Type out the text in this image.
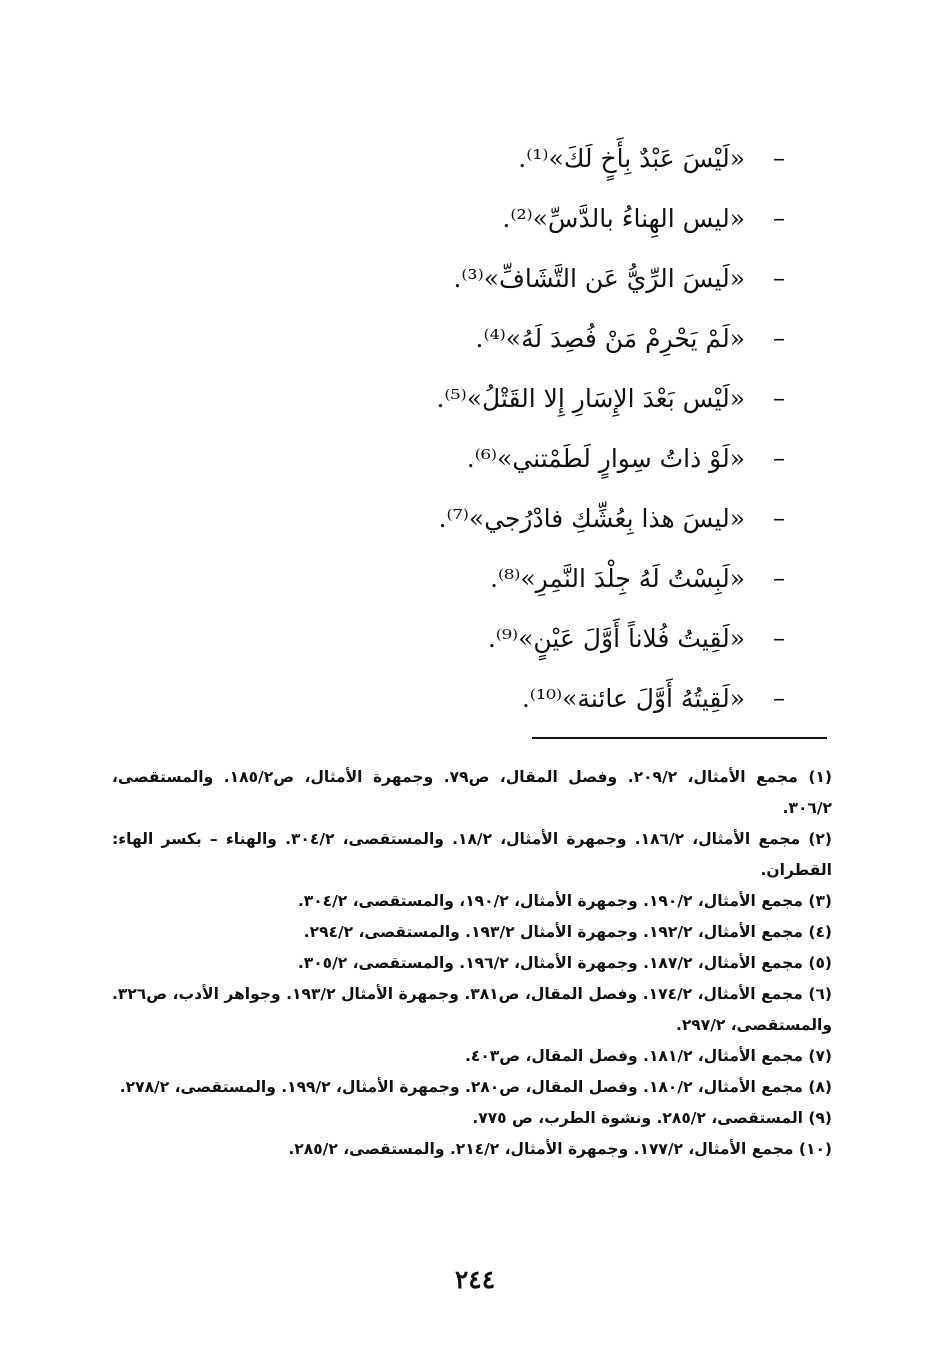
–
«لَيْسَ عَبْدٌ بِأَخٍ لَكَ»⁽¹⁾.
–
«ليس الهِناءُ بالدَّسِّ»⁽²⁾.
–
«لَيسَ الرِّيُّ عَن التَّشَافِّ»⁽³⁾.
–
«لَمْ يَحْرِمْ مَنْ فُصِدَ لَهُ»⁽⁴⁾.
–
«لَيْس بَعْدَ الإِسَارِ إِلا القَتْلُ»⁽⁵⁾.
–
«لَوْ ذاتُ سِوارٍ لَطَمْتني»⁽⁶⁾.
–
«ليسَ هذا بِعُشِّكِ فادْرُجي»⁽⁷⁾.
–
«لَبِسْتُ لَهُ جِلْدَ النَّمِرِ»⁽⁸⁾.
–
«لَقِيتُ فُلاناً أَوَّلَ عَيْنٍ»⁽⁹⁾.
–
«لَقِيتُهُ أَوَّلَ عائنة»⁽¹⁰⁾.
(١) مجمع الأمثال، ٢٠٩/٢. وفصل المقال، ص٧٩. وجمهرة الأمثال، ص١٨٥/٢. والمستقصى، ٣٠٦/٢.
(٢) مجمع الأمثال، ١٨٦/٢. وجمهرة الأمثال، ١٨/٢. والمستقصى، ٣٠٤/٢. والهناء – بكسر الهاء: القطران.
(٣) مجمع الأمثال، ١٩٠/٢. وجمهرة الأمثال، ١٩٠/٢، والمستقصى، ٣٠٤/٢.
(٤) مجمع الأمثال، ١٩٢/٢. وجمهرة الأمثال ١٩٣/٢. والمستقصى، ٢٩٤/٢.
(٥) مجمع الأمثال، ١٨٧/٢. وجمهرة الأمثال، ١٩٦/٢. والمستقصى، ٣٠٥/٢.
(٦) مجمع الأمثال، ١٧٤/٢. وفصل المقال، ص٣٨١. وجمهرة الأمثال ١٩٣/٢. وجواهر الأدب، ص٣٢٦. والمستقصى، ٢٩٧/٢.
(٧) مجمع الأمثال، ١٨١/٢. وفصل المقال، ص٤٠٣.
(٨) مجمع الأمثال، ١٨٠/٢. وفصل المقال، ص٢٨٠. وجمهرة الأمثال، ١٩٩/٢. والمستقصى، ٢٧٨/٢.
(٩) المستقصى، ٢٨٥/٢. ونشوة الطرب، ص ٧٧٥.
(١٠) مجمع الأمثال، ١٧٧/٢. وجمهرة الأمثال، ٢١٤/٢. والمستقصى، ٢٨٥/٢.
٢٤٤
